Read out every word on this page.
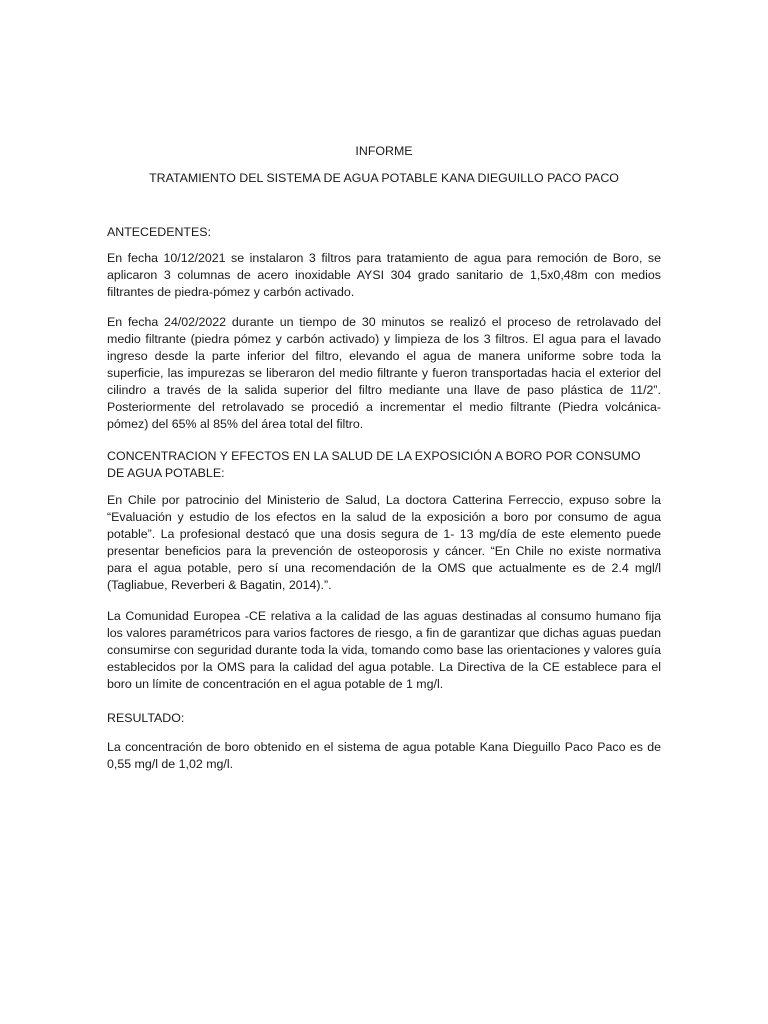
INFORME

TRATAMIENTO DEL SISTEMA DE AGUA POTABLE KANA DIEGUILLO PACO PACO

ANTECEDENTES:

En fecha 10/12/2021 se instalaron 3 filtros para tratamiento de agua para remoción de Boro, se aplicaron 3 columnas de acero inoxidable AYSI 304 grado sanitario de 1,5x0,48m con medios filtrantes de piedra-pómez y carbón activado.

En fecha 24/02/2022 durante un tiempo de 30 minutos se realizó el proceso de retrolavado del medio filtrante (piedra pómez y carbón activado) y limpieza de los 3 filtros. El agua para el lavado ingreso desde la parte inferior del filtro, elevando el agua de manera uniforme sobre toda la superficie, las impurezas se liberaron del medio filtrante y fueron transportadas hacia el exterior del cilindro a través de la salida superior del filtro mediante una llave de paso plástica de 11/2”. Posteriormente del retrolavado se procedió a incrementar el medio filtrante (Piedra volcánica-pómez) del 65% al 85% del área total del filtro.

CONCENTRACION Y EFECTOS EN LA SALUD DE LA EXPOSICIÓN A BORO POR CONSUMO DE AGUA POTABLE:

En Chile por patrocinio del Ministerio de Salud, La doctora Catterina Ferreccio, expuso sobre la “Evaluación y estudio de los efectos en la salud de la exposición a boro por consumo de agua potable”. La profesional destacó que una dosis segura de 1- 13 mg/día de este elemento puede presentar beneficios para la prevención de osteoporosis y cáncer. “En Chile no existe normativa para el agua potable, pero sí una recomendación de la OMS que actualmente es de 2.4 mgl/l (Tagliabue, Reverberi & Bagatin, 2014).”.

La Comunidad Europea -CE relativa a la calidad de las aguas destinadas al consumo humano fija los valores paramétricos para varios factores de riesgo, a fin de garantizar que dichas aguas puedan consumirse con seguridad durante toda la vida, tomando como base las orientaciones y valores guía establecidos por la OMS para la calidad del agua potable. La Directiva de la CE establece para el boro un límite de concentración en el agua potable de 1 mg/l.

RESULTADO:

La concentración de boro obtenido en el sistema de agua potable Kana Dieguillo Paco Paco es de 0,55 mg/l de 1,02 mg/l.
